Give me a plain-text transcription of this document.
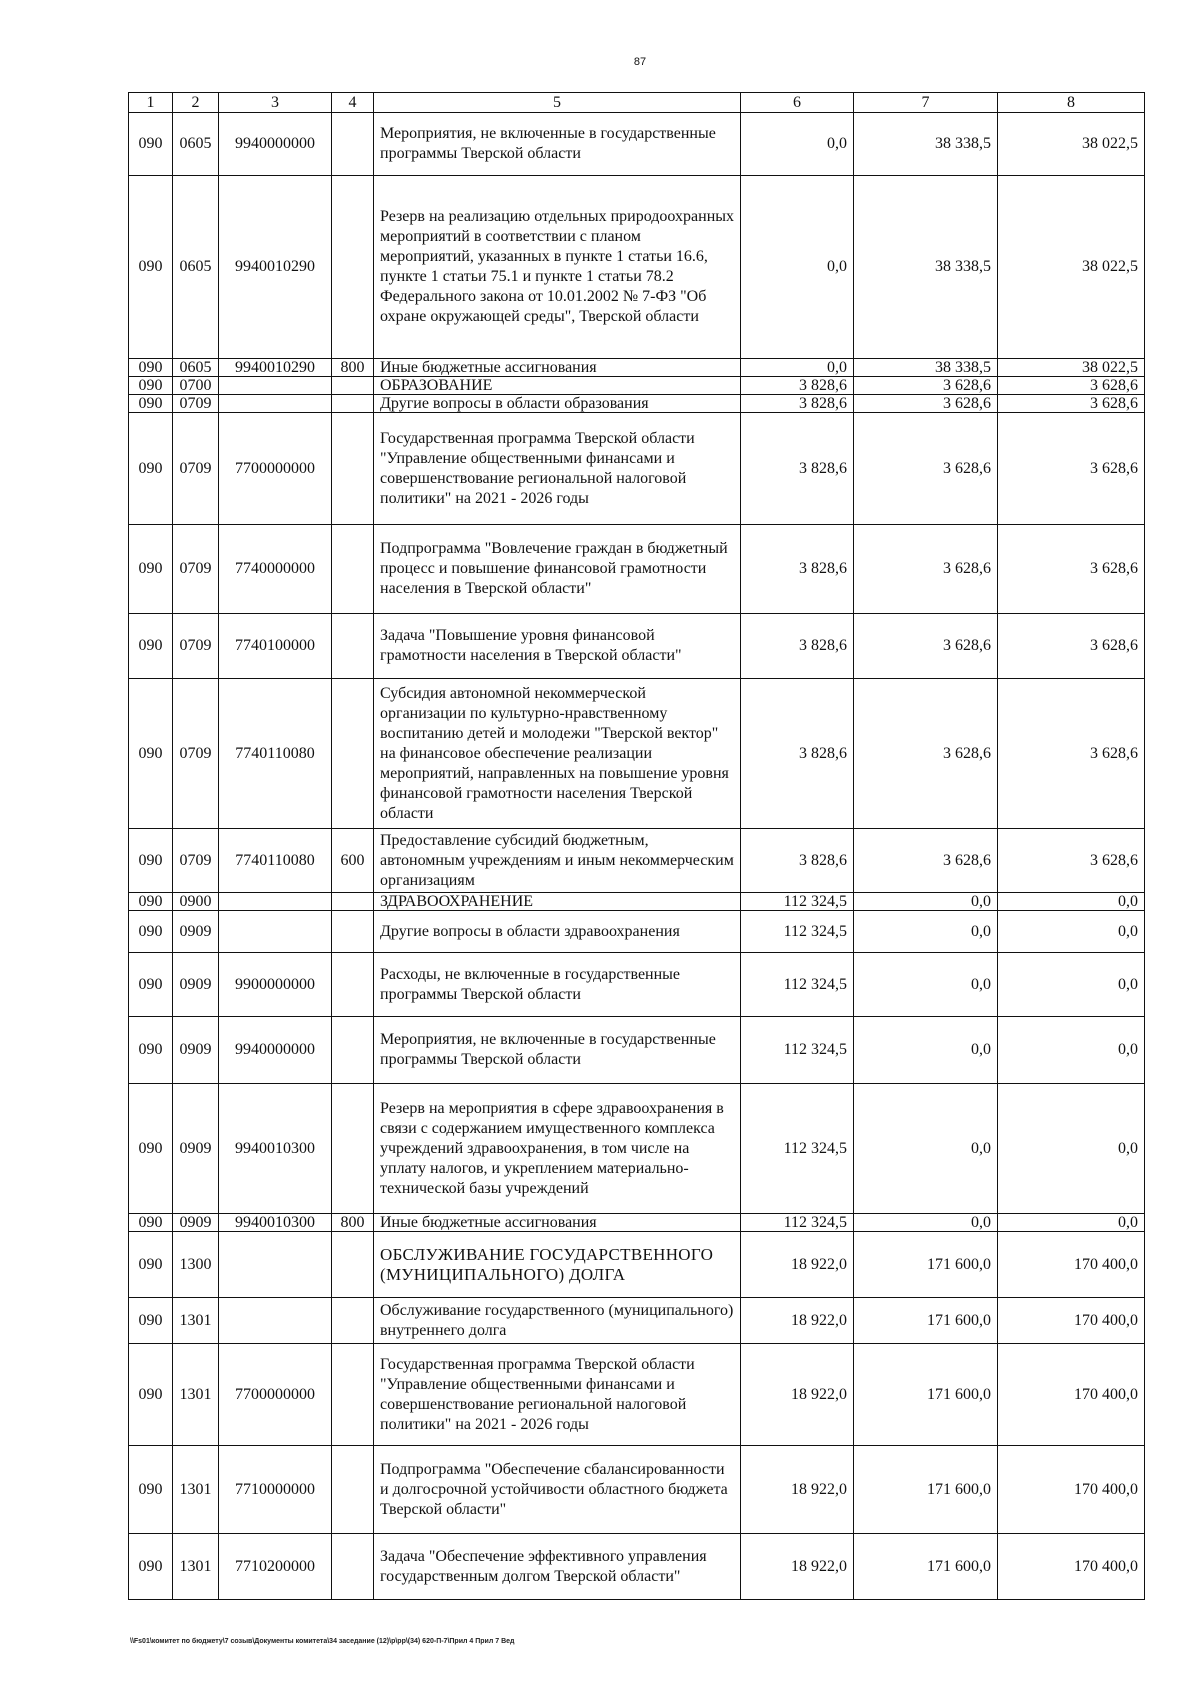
87
1	2	3	4	5	6	7	8
090	0605	9940000000		Мероприятия, не включенные в государственные программы Тверской области	0,0	38 338,5	38 022,5
090	0605	9940010290		Резерв на реализацию отдельных природоохранных мероприятий в соответствии с планом мероприятий, указанных в пункте 1 статьи 16.6, пункте 1 статьи 75.1 и пункте 1 статьи 78.2 Федерального закона от 10.01.2002 № 7-ФЗ "Об охране окружающей среды", Тверской области	0,0	38 338,5	38 022,5
090	0605	9940010290	800	Иные бюджетные ассигнования	0,0	38 338,5	38 022,5
090	0700			ОБРАЗОВАНИЕ	3 828,6	3 628,6	3 628,6
090	0709			Другие вопросы в области образования	3 828,6	3 628,6	3 628,6
090	0709	7700000000		Государственная программа Тверской области "Управление общественными финансами и совершенствование региональной налоговой политики" на 2021 - 2026 годы	3 828,6	3 628,6	3 628,6
090	0709	7740000000		Подпрограмма "Вовлечение граждан в бюджетный процесс и повышение финансовой грамотности населения в Тверской области"	3 828,6	3 628,6	3 628,6
090	0709	7740100000		Задача "Повышение уровня финансовой грамотности населения в Тверской области"	3 828,6	3 628,6	3 628,6
090	0709	7740110080		Субсидия автономной некоммерческой организации по культурно-нравственному воспитанию детей и молодежи "Тверской вектор" на финансовое обеспечение реализации мероприятий, направленных на повышение уровня финансовой грамотности населения Тверской области	3 828,6	3 628,6	3 628,6
090	0709	7740110080	600	Предоставление субсидий бюджетным, автономным учреждениям и иным некоммерческим организациям	3 828,6	3 628,6	3 628,6
090	0900			ЗДРАВООХРАНЕНИЕ	112 324,5	0,0	0,0
090	0909			Другие вопросы в области здравоохранения	112 324,5	0,0	0,0
090	0909	9900000000		Расходы, не включенные в государственные программы Тверской области	112 324,5	0,0	0,0
090	0909	9940000000		Мероприятия, не включенные в государственные программы Тверской области	112 324,5	0,0	0,0
090	0909	9940010300		Резерв на мероприятия в сфере здравоохранения в связи с содержанием имущественного комплекса учреждений здравоохранения, в том числе на уплату налогов, и укреплением материально-технической базы учреждений	112 324,5	0,0	0,0
090	0909	9940010300	800	Иные бюджетные ассигнования	112 324,5	0,0	0,0
090	1300			ОБСЛУЖИВАНИЕ ГОСУДАРСТВЕННОГО (МУНИЦИПАЛЬНОГО) ДОЛГА	18 922,0	171 600,0	170 400,0
090	1301			Обслуживание государственного (муниципального) внутреннего долга	18 922,0	171 600,0	170 400,0
090	1301	7700000000		Государственная программа Тверской области "Управление общественными финансами и совершенствование региональной налоговой политики" на 2021 - 2026 годы	18 922,0	171 600,0	170 400,0
090	1301	7710000000		Подпрограмма "Обеспечение сбалансированности и долгосрочной устойчивости областного бюджета Тверской области"	18 922,0	171 600,0	170 400,0
090	1301	7710200000		Задача "Обеспечение эффективного управления государственным долгом Тверской области"	18 922,0	171 600,0	170 400,0
\\Fs01\комитет по бюджету\7 созыв\Документы комитета\34 заседание (12)\р\рр\(34) 620-П-7\Прил 4 Прил 7 Вед
